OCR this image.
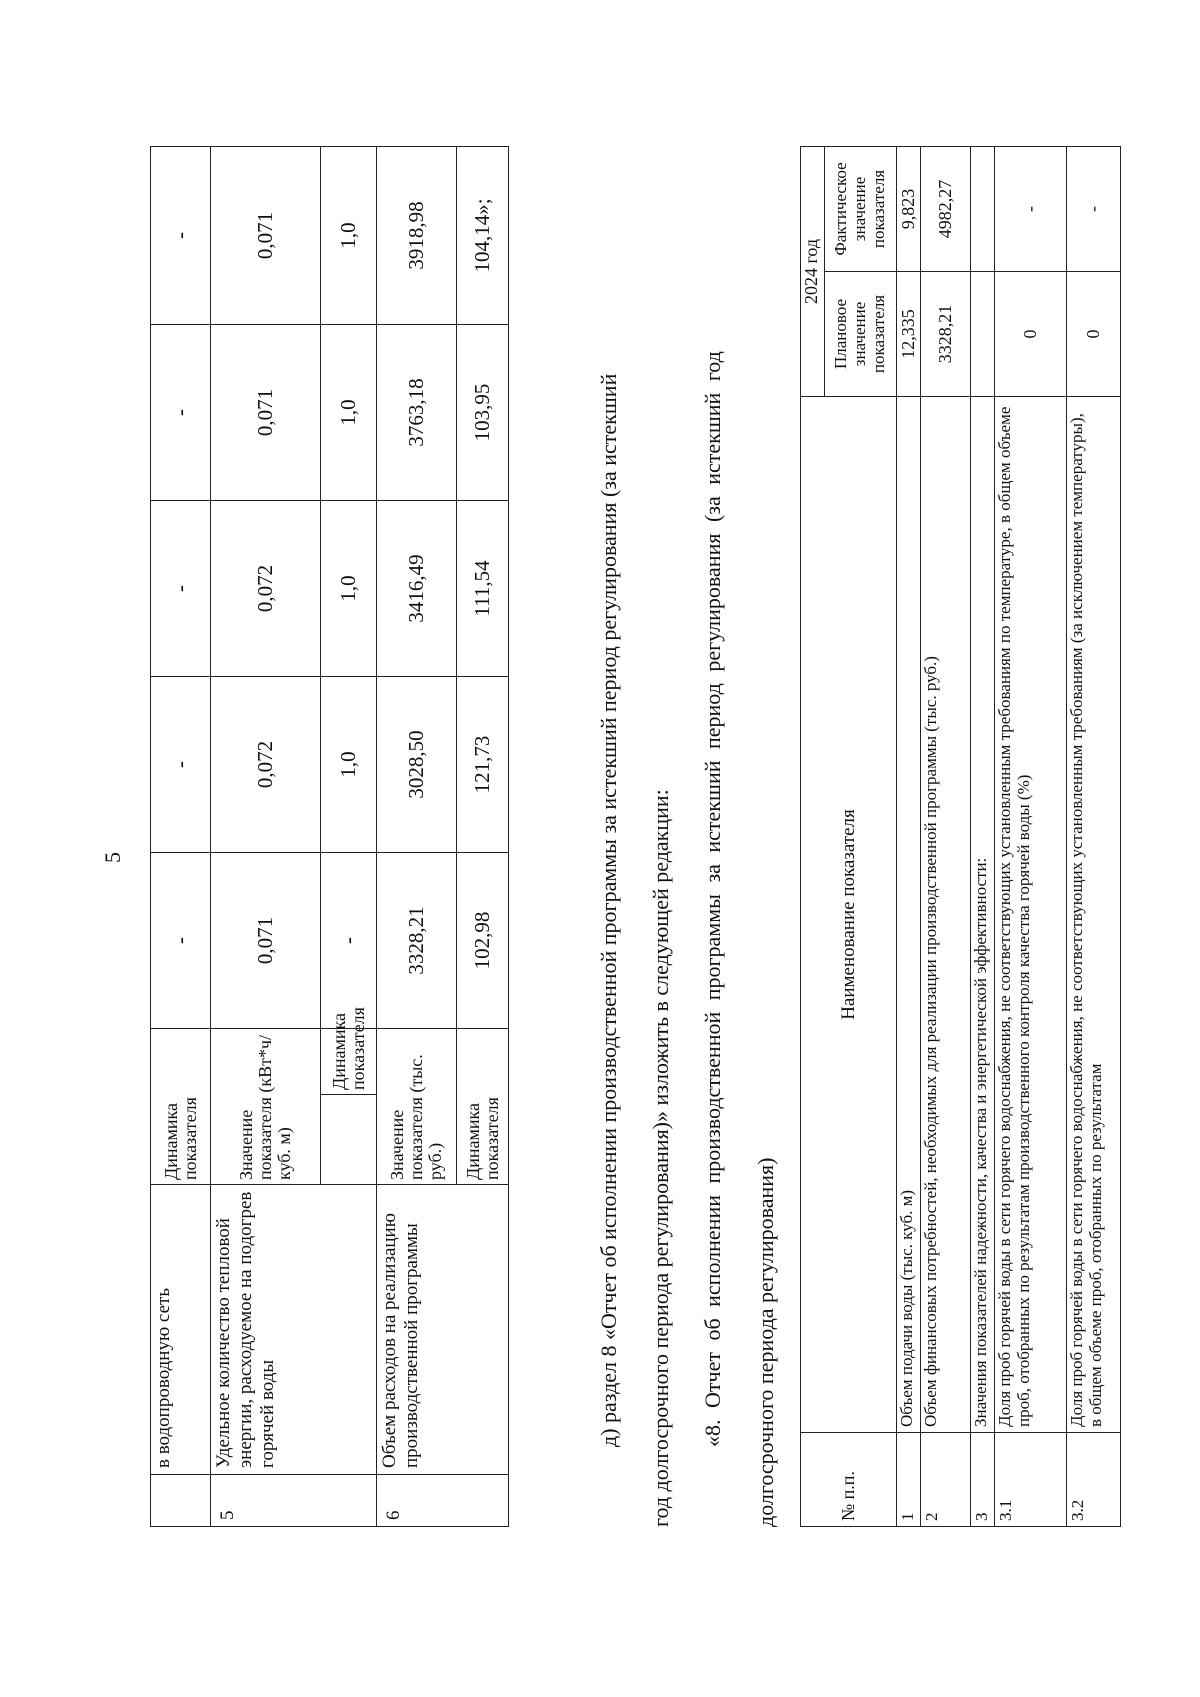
5
	в водопроводную сеть	Динамика показателя		-	-	-	-	-
5	Удельное количество тепловой энергии, расходуемое на подогрев горячей воды	Значение показателя (кВт*ч/куб. м)		0,071	0,072	0,072	0,071	0,071
			Динамика показателя	-	1,0	1,0	1,0	1,0
6	Объем расходов на реализацию производственной программы	Значение показателя (тыс. руб.)		3328,21	3028,50	3416,49	3763,18	3918,98
		Динамика показателя		102,98	121,73	111,54	103,95	104,14»;
д) раздел 8 «Отчет об исполнении производственной программы за истекший период регулирования (за истекший год долгосрочного периода регулирования)» изложить в следующей редакции: «8. Отчет об исполнении производственной программы за истекший период регулирования (за истекший год долгосрочного периода регулирования)	№ п.п.	Наименование показателя	2024 год	
		Плановое значение показателя	Фактическое значение показателя
1	Объем подачи воды (тыс. куб. м)	12,335	9,823
2	Объем финансовых потребностей, необходимых для реализации производственной программы (тыс. руб.)	3328,21	4982,27
3	Значения показателей надежности, качества и энергетической эффективности:		
3.1	Доля проб горячей воды в сети горячего водоснабжения, не соответствующих установленным требованиям по температуре, в общем объеме проб, отобранных по результатам производственного контроля качества горячей воды (%)	0	-
3.2	Доля проб горячей воды в сети горячего водоснабжения, не соответствующих установленным требованиям (за исключением температуры), в общем объеме проб, отобранных по результатам	0	-
